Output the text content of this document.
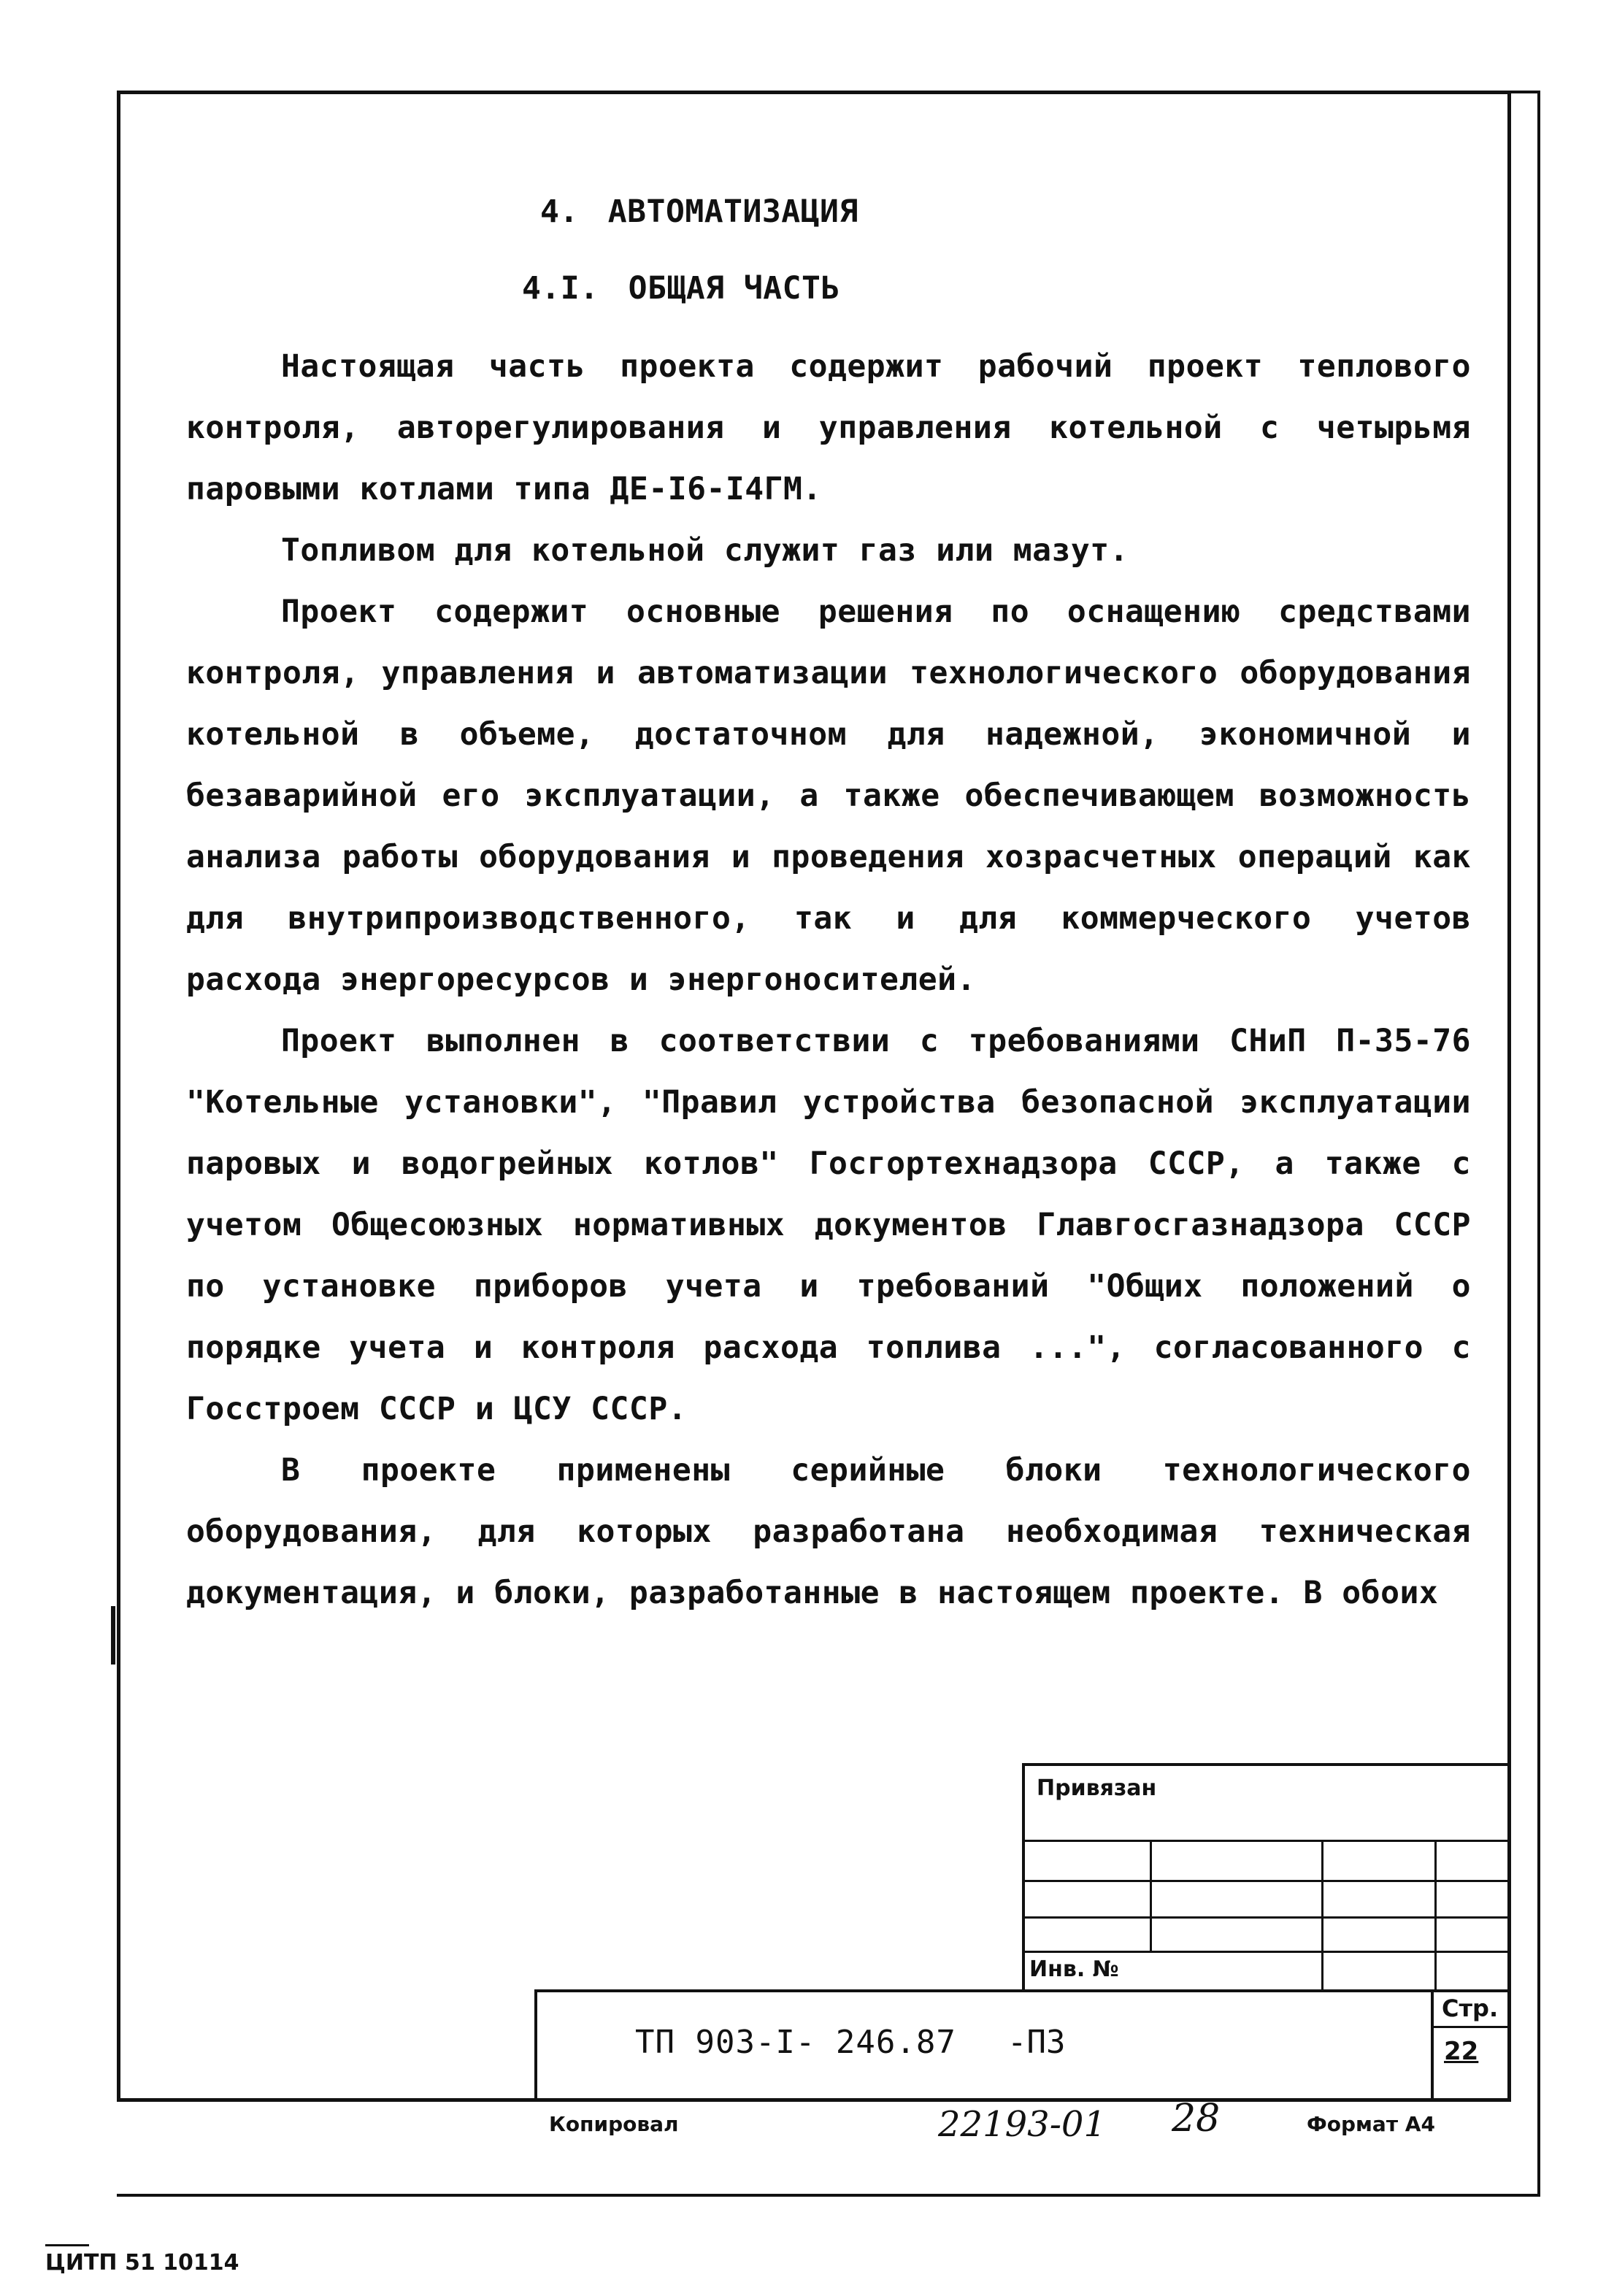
4. АВТОМАТИЗАЦИЯ
4.I. ОБЩАЯ ЧАСТЬ

Настоящая часть проекта содержит рабочий проект теплового контроля, авторегулирования и управления котельной с четырьмя паровыми котлами типа ДЕ-I6-I4ГМ.

Топливом для котельной служит газ или мазут.

Проект содержит основные решения по оснащению средствами контроля, управления и автоматизации технологического оборудования котельной в объеме, достаточном для надежной, экономичной и безаварийной его эксплуатации, а также обеспечивающем возможность анализа работы оборудования и проведения хозрасчетных операций как для внутрипроизводственного, так и для коммерческого учетов расхода энергоресурсов и энергоносителей.

Проект выполнен в соответствии с требованиями СНиП П-35-76 "Котельные установки", "Правил устройства безопасной эксплуатации паровых и водогрейных котлов" Госгортехнадзора СССР, а также с учетом Общесоюзных нормативных документов Главгосгазнадзора СССР по установке приборов учета и требований "Общих положений о порядке учета и контроля расхода топлива ...", согласованного с Госстроем СССР и ЦСУ СССР.

В проекте применены серийные блоки технологического оборудования, для которых разработана необходимая техническая документация, и блоки, разработанные в настоящем проекте. В обоих

Привязан
Инв. №
ТП 903-I- 246.87 -ПЗ
Стр.
22
Копировал	22193-01 28	Формат А4
ЦИТП 51 10114
